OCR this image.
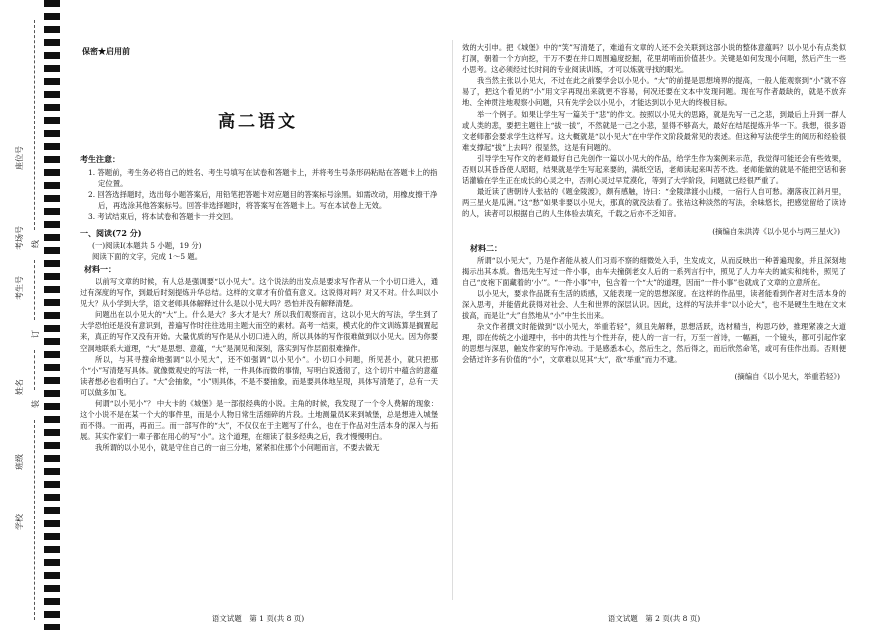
座位号
考场号
考生号
姓名
班级
学校
线
订
装
保密★启用前
高二语文
考生注意：
1. 答题前，考生务必将自己的姓名、考生号填写在试卷和答题卡上，并将考生号条形码粘贴在答题卡上的指定位置。
2. 回答选择题时，选出每小题答案后，用铅笔把答题卡对应题目的答案标号涂黑。如需改动，用橡皮擦干净后，再选涂其他答案标号。回答非选择题时，将答案写在答题卡上。写在本试卷上无效。
3. 考试结束后，将本试卷和答题卡一并交回。
一、阅读(72 分)
(一)阅读Ⅰ(本题共 5 小题，19 分)
阅读下面的文字，完成 1～5 题。
材料一：

以前写文章的时候，有人总是强调要“以小见大”。这个说法的出发点是要求写作者从一个小切口进入，通过有深度的写作，到最后时刻提炼升华总结。这样的文章才有价值有意义。这说得对吗？对又不对。什么叫以小见大？从小学到大学，语文老师具体解释过什么是以小见大吗？恐怕并没有解释清楚。

问题出在以小见大的“大”上。什么是大？多大才是大？所以我们观察而言，这以小见大的写法，学生到了大学恐怕还是没有意识到，普遍写作时往往选用主题大而空的素材。高考一结束，模式化的作文训练算是搁置起来，真正的写作又没有开始。大量优质的写作是从小切口进入的，所以具体的写作很难做到以小见大。因为你要空洞地联系大道理，“大”是思想、意蕴，“大”是洞见和深刻，落实到写作层面很难操作。

所以，与其寻搜命地强调“以小见大”，还不如强调“以小见小”。小切口小问题，所见甚小，就只把那个“小”写清楚写具体。就像微观史的写法一样，一件具体而微的事情，写明白说透彻了，这个切片中蕴含的意蕴读者想必也看明白了。“大”会抽象，“小”则具体，不是不要抽象，而是要具体地呈现，具体写清楚了，总有一天可以做多加飞。

何谓“以小见小”？ 中大卡的《城堡》是一部很经典的小说。主角的时候，我发现了一个令人费解的现象：这个小说不是在某一个大的事件里，而是小人物日常生活细碎的片段。土地测量员K来到城堡，总是想进入城堡而不得。一而再，再而三。而一部写作的“大”，不仅仅在于主题写了什么，也在于作品对生活本身的深入与拓展。其实作家们一辈子都在用心的写“小”。这个道理，在细读了很多经典之后，我才慢慢明白。

我所谓的以小见小，就是守住自己的一亩三分地，紧紧扣住那个小问题而言，不要去做无

语文试题　第 1 页(共 8 页)

效的大引申。把《城堡》中的“笑”写清楚了，难道有文章的人还不会关联到这部小说的整体意蕴吗？以小见小有点类似打洞，朝着一个方向挖，干万不要在井口周围遍度挖掘，花里胡哨而价值甚少。关键是如何发现小问题，然后产生一些小思考。这必须经过长时间的专业阅读训练，才可以炼就寻找的眼光。

我当然主张以小见大，不过在此之前要学会以小见小。“大”的前提是思想境界的提高，一般人能观察到“小”就不容易了，把这个看见的“小”用文字再现出来就更不容易，何况还要在文本中发现问题。现在写作者最缺的，就是不放弃地、全神贯注地观察小问题，只有先学会以小见小，才能达到以小见大的终极目标。

举一个例子。如果让学生写一篇关于“悲”的作文。按照以小见大的思路，就是先写一己之悲，到最后上升到一群人或人类的悲，要把主题往上“拔一拔”，不然就是一己之小悲，显得不够高大，最好在结尾提炼升华一下。我想，很多语文老师都会要求学生这样写。这大概就是“以小见大”在中学作文阶段最常见的表述。但这种写法使学生的阅历和经验很难支撑起“拔”上去吗？很显然，这是有问题的。

引导学生写作文的老师最好自己先创作一篇以小见大的作品，给学生作为案例来示范，我觉得可能还会有些效果，否则以其昏昏使人昭昭，结果就是学生写起来要的，满纸空话，老师读起来叫苦不迭。老师能做的就是不能把空话和套话灌输在学生正在成长的心灵之中，否则心灵过早荒漠化，等到了大学阶段，问题就已经很严重了。

最近读了唐朝诗人张祜的《题金陵渡》，颇有感触，诗曰：“金陵津渡小山楼，一宿行人自可愁。潮落夜江斜月里，两三星火是瓜洲。”这“愁”如果非要以小见大，那真的就没法看了。张祜这种淡然的写法，余味悠长，把感觉留给了读诗的人，读者可以根据自己的人生体验去填充，千载之后亦不乏知音。

(摘编自朱洪涛《以小见小与两三星火》)
材料二：

所谓“以小见大”，乃是作者能从被人们习焉不察的细微处入手，生发成文，从而反映出一种普遍现象，并且深刻地揭示出其本质。鲁迅先生写过一件小事，由车夫撞倒老女人后的一系列言行中，照见了人力车夫的诚实和纯朴，照见了自己“皮袍下面藏着的‘小’”。“一件小事”中，包含着一个“大”的道理，因而“一件小事”也就成了文章的立意所在。

以小见大，要求作品既有生活的质感，又能表现一定的思想深度。在这样的作品里，读者能看到作者对生活本身的深入思考，并能借此获得对社会、人生和世界的深层认识。因此，这样的写法并非“以小论大”，也不是硬生生地在文末拔高，而是让“大”自然地从“小”中生长出来。

杂文作者撰文时能做到“以小见大，举重若轻”，须且先解释，思想活跃，选材精当，构思巧妙，推理紧凑之大道理，即在传统之小道理中，书中的共性与个性并存，使人的一言一行，万至一首诗，一幅画，一个镜头，都可引起作家的思想与深思，触发作家的写作冲动。于是感悉本心，然后生之，然后得之，而后欣然命笔，或可有佳作出焉。否则便会错过许多有价值的“小”，文章难以见其“大”，欲“举重”而力不逮。

(摘编自《以小见大，举重若轻》)
语文试题　第 2 页(共 8 页)
